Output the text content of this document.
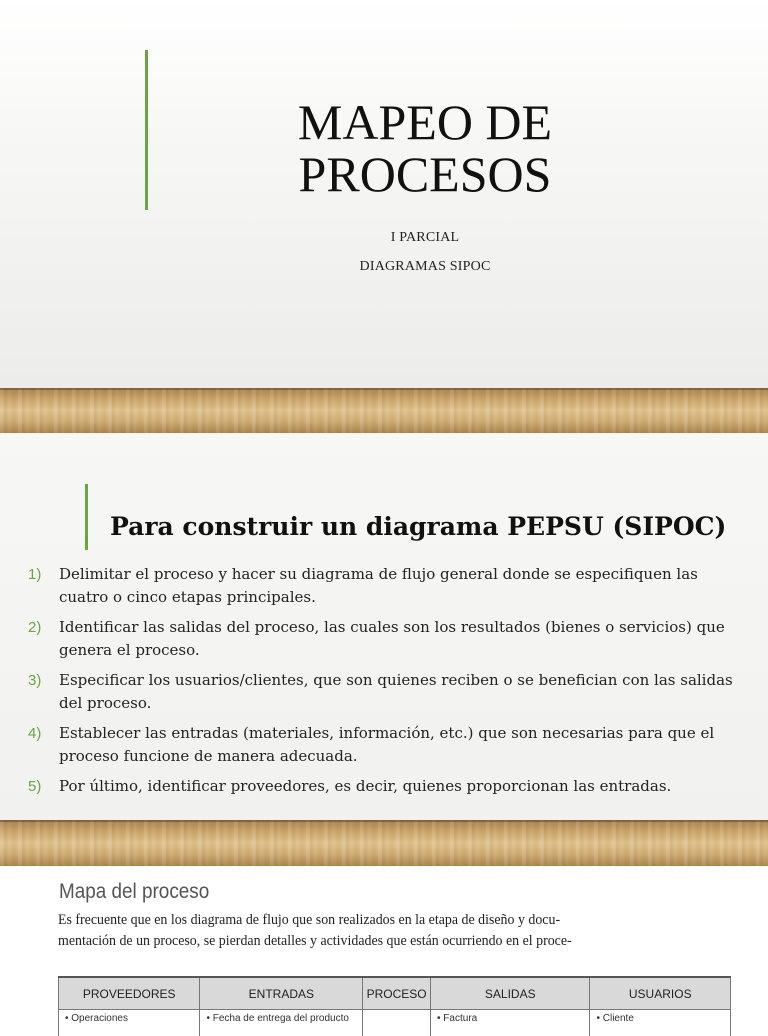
MAPEO DE
PROCESOS
I PARCIAL
DIAGRAMAS SIPOC
Para construir un diagrama PEPSU (SIPOC)
1) Delimitar el proceso y hacer su diagrama de flujo general donde se especifiquen las cuatro o cinco etapas principales.
2) Identificar las salidas del proceso, las cuales son los resultados (bienes o servicios) que genera el proceso.
3) Especificar los usuarios/clientes, que son quienes reciben o se benefician con las salidas del proceso.
4) Establecer las entradas (materiales, información, etc.) que son necesarias para que el proceso funcione de manera adecuada.
5) Por último, identificar proveedores, es decir, quienes proporcionan las entradas.
Mapa del proceso
Es frecuente que en los diagrama de flujo que son realizados en la etapa de diseño y docu-
mentación de un proceso, se pierdan detalles y actividades que están ocurriendo en el proce-
PROVEEDORES	ENTRADAS	PROCESO	SALIDAS	USUARIOS
• Operaciones	• Fecha de entrega del producto		• Factura	• Cliente
